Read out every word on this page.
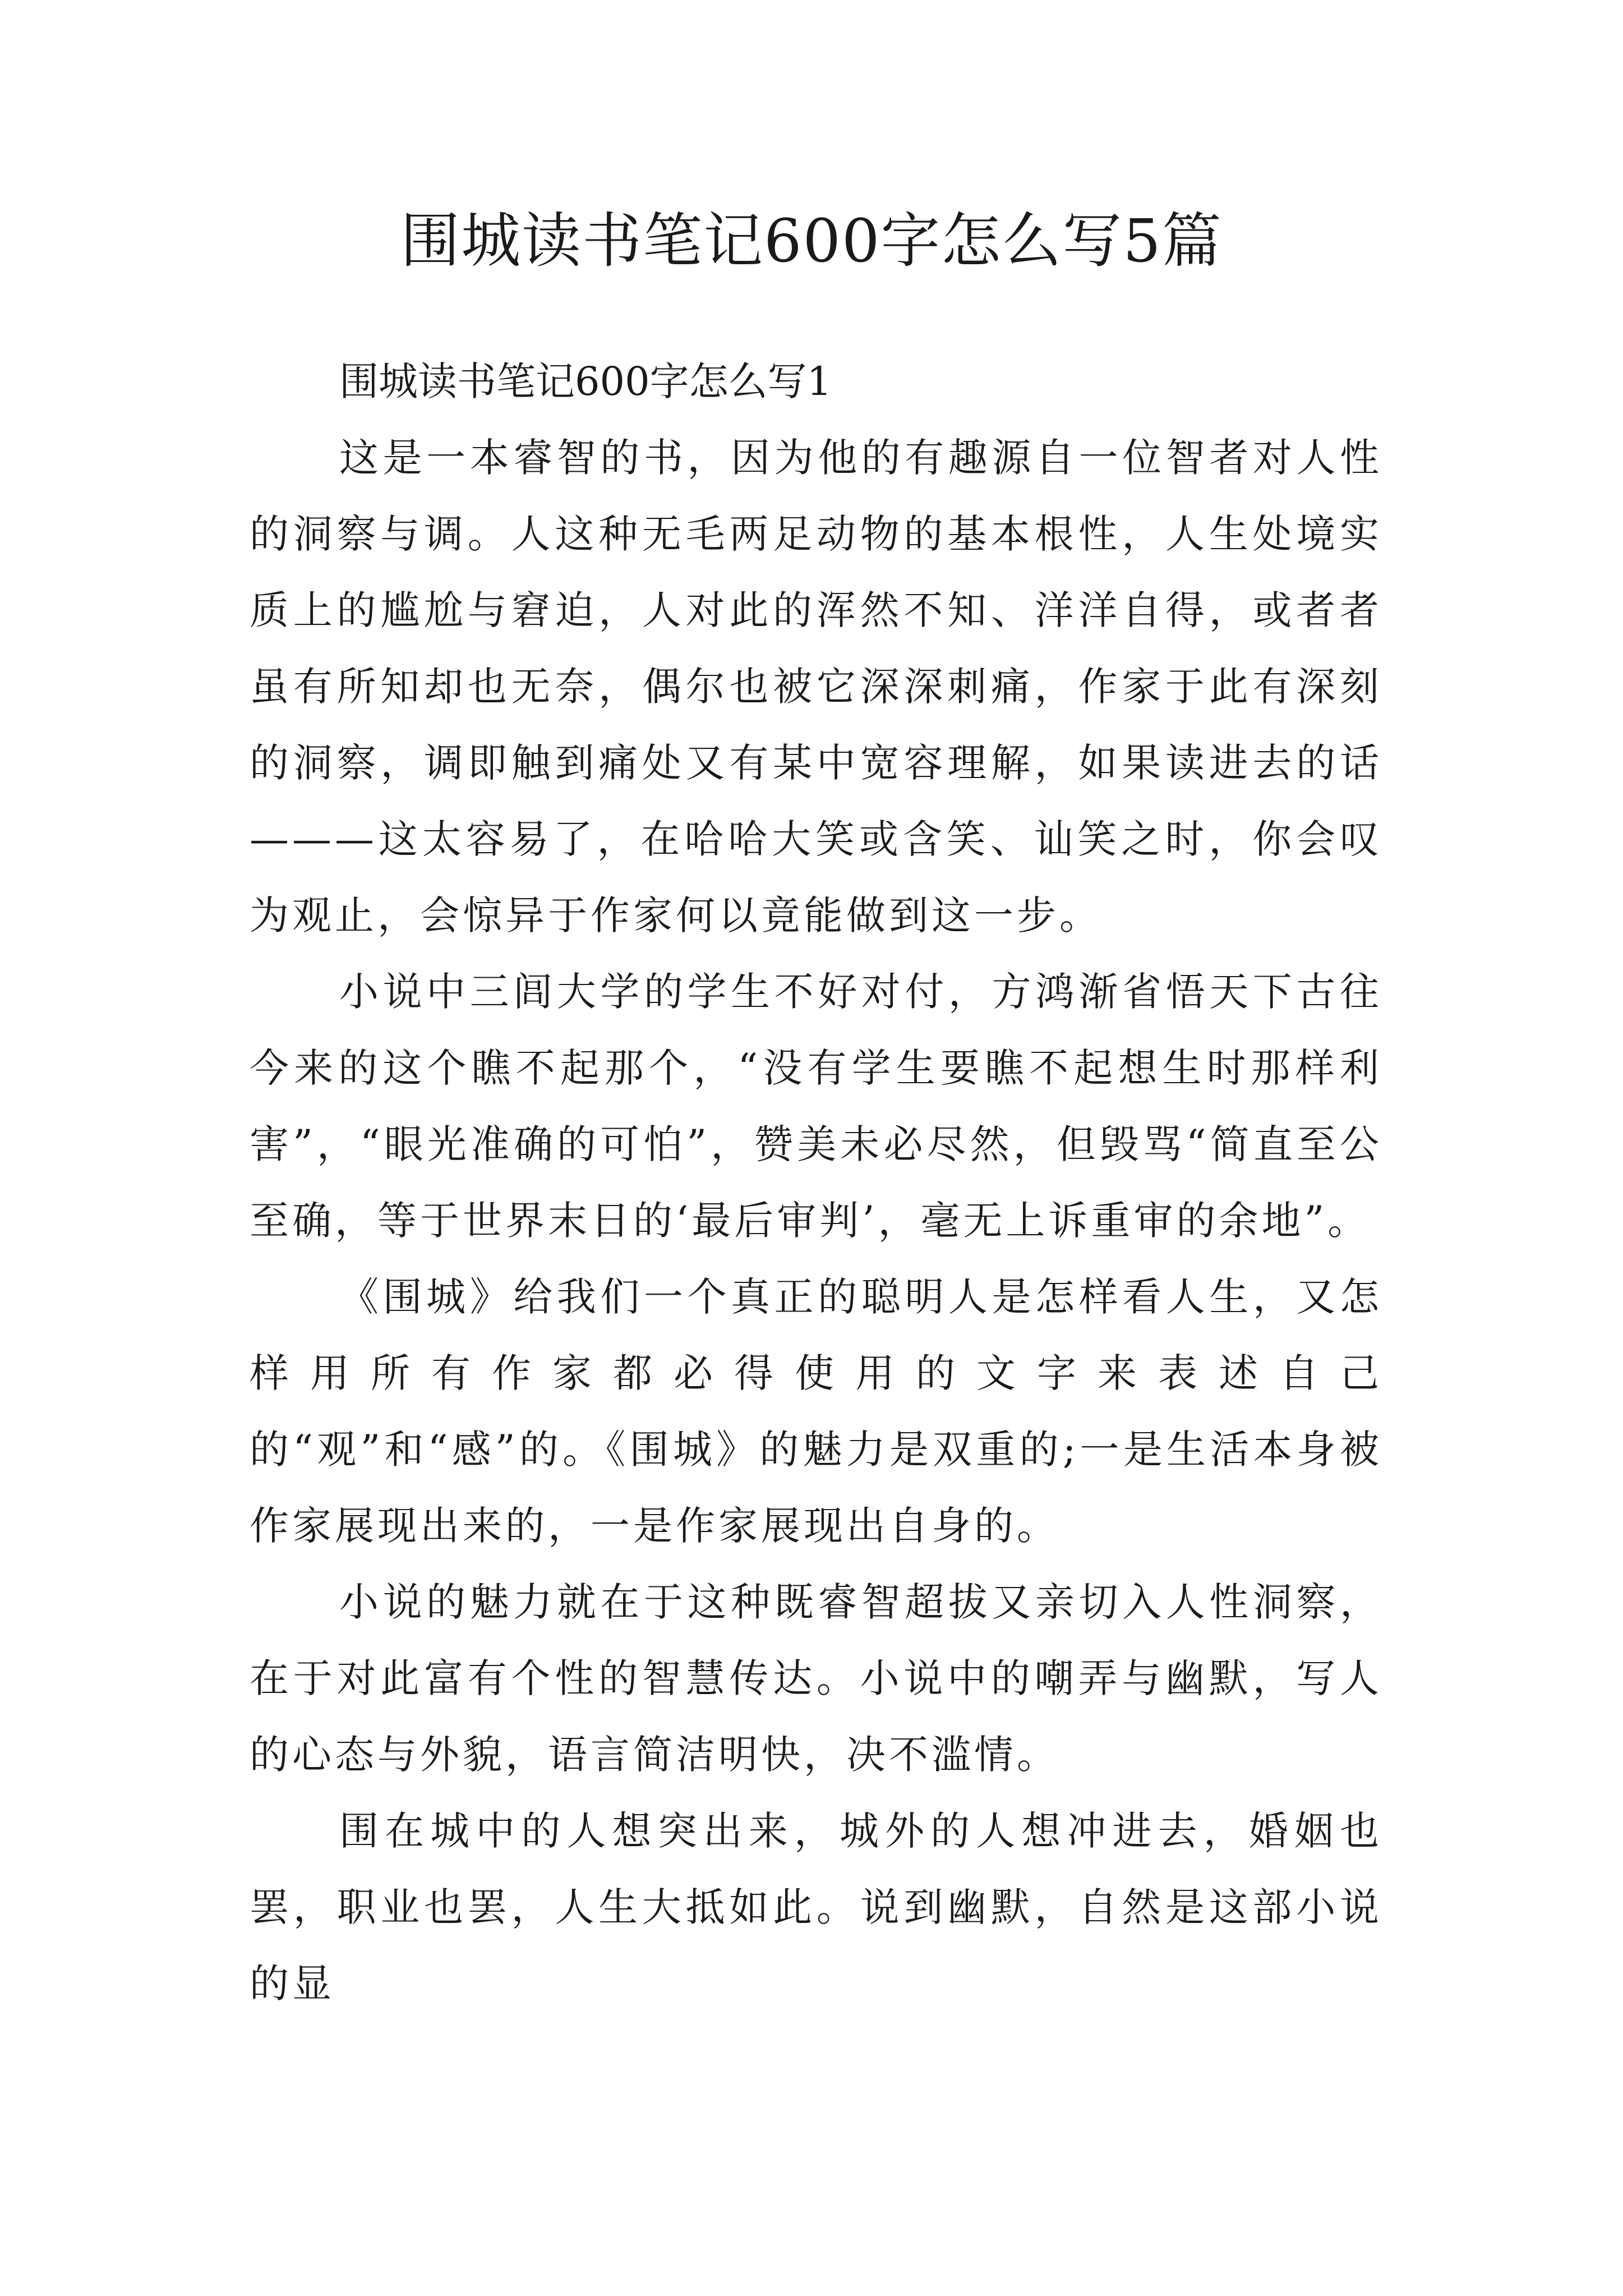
围城读书笔记600字怎么写5篇

围城读书笔记600字怎么写1

这是一本睿智的书，因为他的有趣源自一位智者对人性的洞察与调。人这种无毛两足动物的基本根性，人生处境实质上的尴尬与窘迫，人对此的浑然不知、洋洋自得，或者者虽有所知却也无奈，偶尔也被它深深刺痛，作家于此有深刻的洞察，调即触到痛处又有某中宽容理解，如果读进去的话———这太容易了，在哈哈大笑或含笑、讪笑之时，你会叹为观止，会惊异于作家何以竟能做到这一步。

小说中三闾大学的学生不好对付，方鸿渐省悟天下古往今来的这个瞧不起那个，“没有学生要瞧不起想生时那样利害”，“眼光准确的可怕”，赞美未必尽然，但毁骂“简直至公至确，等于世界末日的‘最后审判’，毫无上诉重审的余地”。

《围城》给我们一个真正的聪明人是怎样看人生，又怎样用所有作家都必得使用的文字来表述自己的“观”和“感”的。《围城》的魅力是双重的;一是生活本身被作家展现出来的，一是作家展现出自身的。

小说的魅力就在于这种既睿智超拔又亲切入人性洞察，在于对此富有个性的智慧传达。小说中的嘲弄与幽默，写人的心态与外貌，语言简洁明快，决不滥情。

围在城中的人想突出来，城外的人想冲进去，婚姻也罢，职业也罢，人生大抵如此。说到幽默，自然是这部小说的显
